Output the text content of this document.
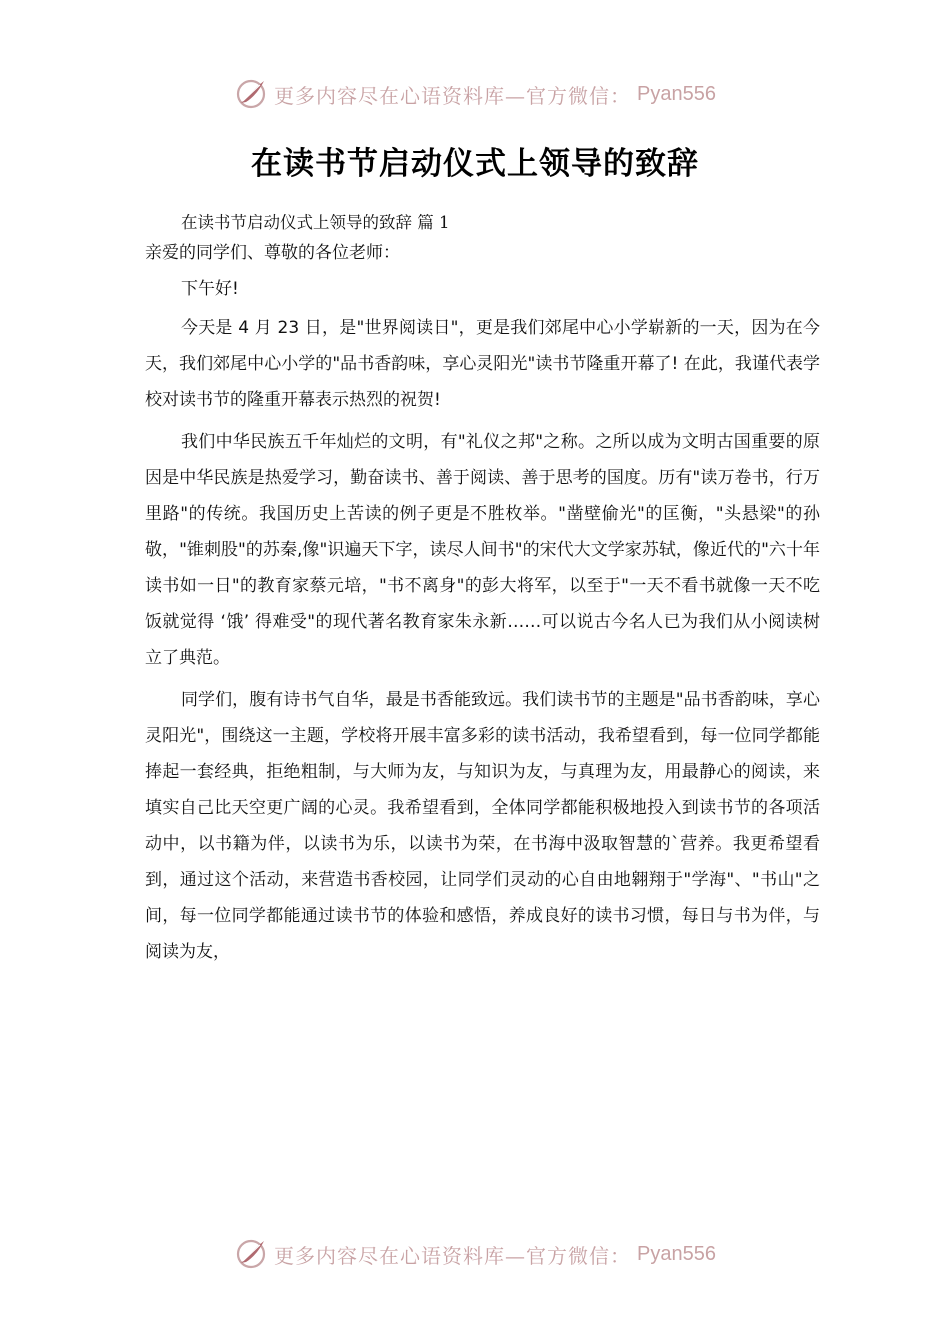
更多内容尽在心语资料库—官方微信： Pyan556
在读书节启动仪式上领导的致辞

在读书节启动仪式上领导的致辞 篇 1

亲爱的同学们、尊敬的各位老师：

下午好!

今天是 4 月 23 日，是"世界阅读日"，更是我们郊尾中心小学崭新的一天，因为在今天，我们郊尾中心小学的"品书香韵味，享心灵阳光"读书节隆重开幕了! 在此，我谨代表学校对读书节的隆重开幕表示热烈的祝贺!

我们中华民族五千年灿烂的文明，有"礼仪之邦"之称。之所以成为文明古国重要的原因是中华民族是热爱学习，勤奋读书、善于阅读、善于思考的国度。历有"读万卷书，行万里路"的传统。我国历史上苦读的例子更是不胜枚举。"凿壁偷光"的匡衡，"头悬梁"的孙敬，"锥刺股"的苏秦,像"识遍天下字，读尽人间书"的宋代大文学家苏轼，像近代的"六十年读书如一日"的教育家蔡元培，"书不离身"的彭大将军，以至于"一天不看书就像一天不吃饭就觉得 ‘饿’ 得难受"的现代著名教育家朱永新……可以说古今名人已为我们从小阅读树立了典范。

同学们，腹有诗书气自华，最是书香能致远。我们读书节的主题是"品书香韵味，享心灵阳光"，围绕这一主题，学校将开展丰富多彩的读书活动，我希望看到，每一位同学都能捧起一套经典，拒绝粗制，与大师为友，与知识为友，与真理为友，用最静心的阅读，来填实自己比天空更广阔的心灵。我希望看到，全体同学都能积极地投入到读书节的各项活动中，以书籍为伴，以读书为乐，以读书为荣，在书海中汲取智慧的`营养。我更希望看到，通过这个活动，来营造书香校园，让同学们灵动的心自由地翱翔于"学海"、"书山"之间，每一位同学都能通过读书节的体验和感悟，养成良好的读书习惯，每日与书为伴，与阅读为友，

更多内容尽在心语资料库—官方微信： Pyan556
